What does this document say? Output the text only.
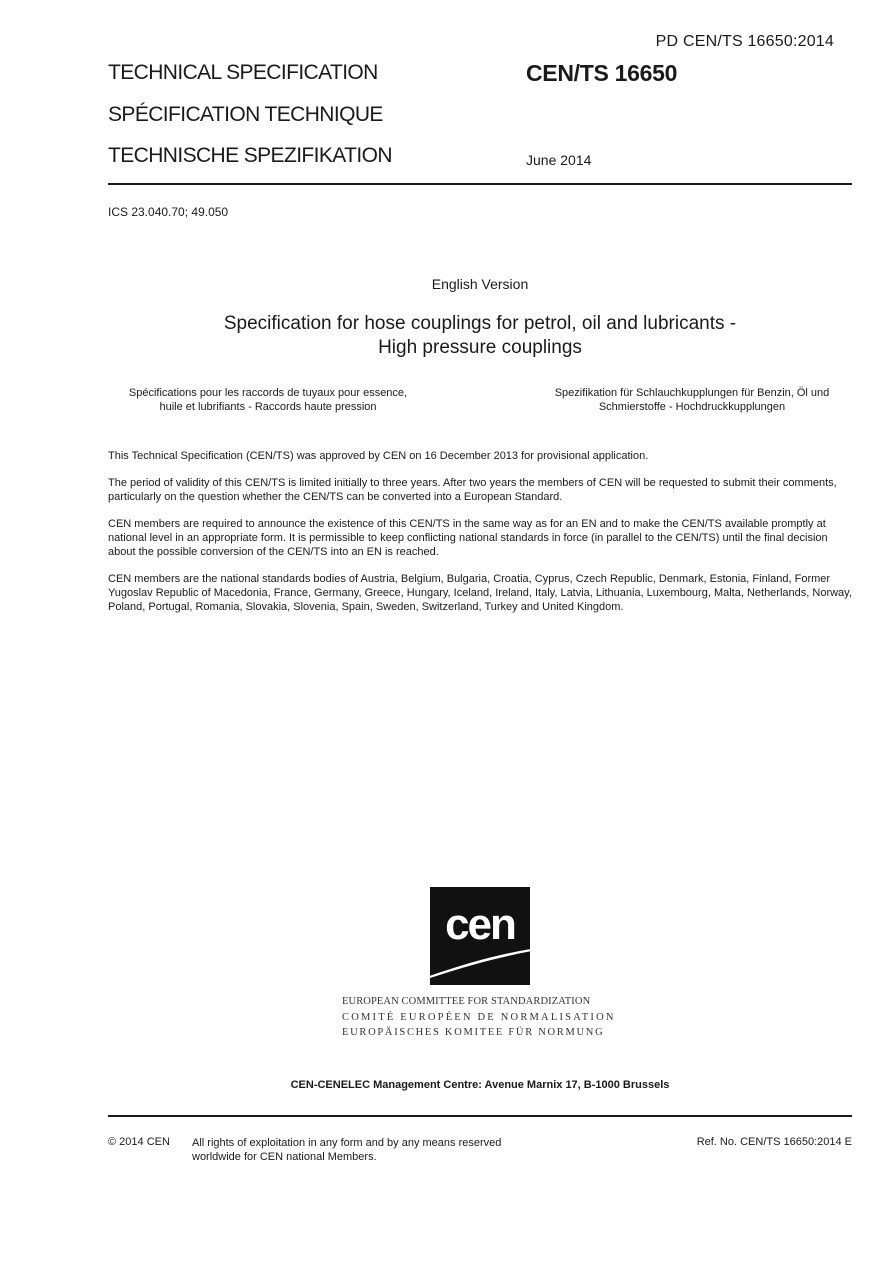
PD CEN/TS 16650:2014
TECHNICAL SPECIFICATION
SPÉCIFICATION TECHNIQUE
TECHNISCHE SPEZIFIKATION
CEN/TS 16650
June 2014
ICS 23.040.70; 49.050
English Version
Specification for hose couplings for petrol, oil and lubricants -
High pressure couplings
Spécifications pour les raccords de tuyaux pour essence,
huile et lubrifiants - Raccords haute pression
Spezifikation für Schlauchkupplungen für Benzin, Öl und
Schmierstoffe - Hochdruckkupplungen

This Technical Specification (CEN/TS) was approved by CEN on 16 December 2013 for provisional application.

The period of validity of this CEN/TS is limited initially to three years. After two years the members of CEN will be requested to submit their comments, particularly on the question whether the CEN/TS can be converted into a European Standard.

CEN members are required to announce the existence of this CEN/TS in the same way as for an EN and to make the CEN/TS available promptly at national level in an appropriate form. It is permissible to keep conflicting national standards in force (in parallel to the CEN/TS) until the final decision about the possible conversion of the CEN/TS into an EN is reached.

CEN members are the national standards bodies of Austria, Belgium, Bulgaria, Croatia, Cyprus, Czech Republic, Denmark, Estonia, Finland, Former Yugoslav Republic of Macedonia, France, Germany, Greece, Hungary, Iceland, Ireland, Italy, Latvia, Lithuania, Luxembourg, Malta, Netherlands, Norway, Poland, Portugal, Romania, Slovakia, Slovenia, Spain, Sweden, Switzerland, Turkey and United Kingdom.

cen
EUROPEAN COMMITTEE FOR STANDARDIZATION
COMITÉ EUROPÉEN DE NORMALISATION
EUROPÄISCHES KOMITEE FÜR NORMUNG
CEN-CENELEC Management Centre: Avenue Marnix 17, B-1000 Brussels
© 2014 CEN All rights of exploitation in any form and by any means reserved
worldwide for CEN national Members.
Ref. No. CEN/TS 16650:2014 E
